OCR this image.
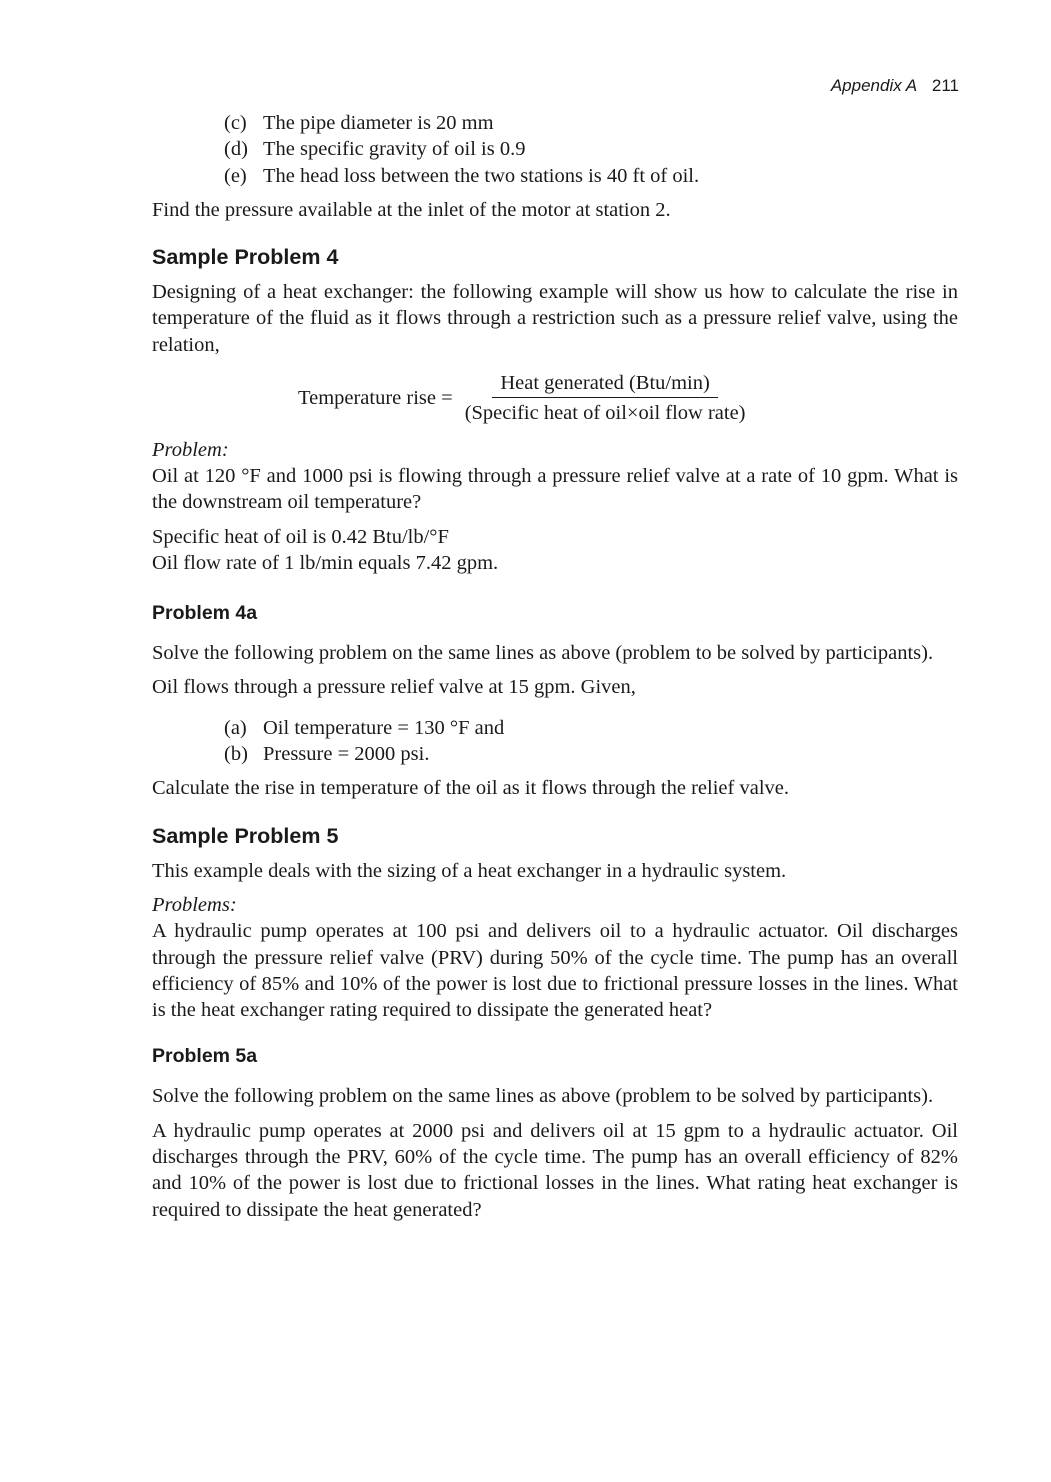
Appendix A 211
(c) The pipe diameter is 20 mm
(d) The specific gravity of oil is 0.9
(e) The head loss between the two stations is 40 ft of oil.

Find the pressure available at the inlet of the motor at station 2.

Sample Problem 4

Designing of a heat exchanger: the following example will show us how to calculate the rise in temperature of the fluid as it flows through a restriction such as a pressure relief valve, using the relation,

Temperature rise = $\frac{\text{Heat generated (Btu/min)}}{\text{(Specific heat of oil×oil flow rate)}}$

Problem:

Oil at 120 °F and 1000 psi is flowing through a pressure relief valve at a rate of 10 gpm. What is the downstream oil temperature?

Specific heat of oil is 0.42 Btu/lb/°F

Oil flow rate of 1 lb/min equals 7.42 gpm.

Problem 4a

Solve the following problem on the same lines as above (problem to be solved by participants).

Oil flows through a pressure relief valve at 15 gpm. Given,

(a) Oil temperature = 130 °F and
(b) Pressure = 2000 psi.

Calculate the rise in temperature of the oil as it flows through the relief valve.

Sample Problem 5

This example deals with the sizing of a heat exchanger in a hydraulic system.

Problems:

A hydraulic pump operates at 100 psi and delivers oil to a hydraulic actuator. Oil discharges through the pressure relief valve (PRV) during 50% of the cycle time. The pump has an overall efficiency of 85% and 10% of the power is lost due to frictional pressure losses in the lines. What is the heat exchanger rating required to dissipate the generated heat?

Problem 5a

Solve the following problem on the same lines as above (problem to be solved by participants).

A hydraulic pump operates at 2000 psi and delivers oil at 15 gpm to a hydraulic actuator. Oil discharges through the PRV, 60% of the cycle time. The pump has an overall efficiency of 82% and 10% of the power is lost due to frictional losses in the lines. What rating heat exchanger is required to dissipate the heat generated?
